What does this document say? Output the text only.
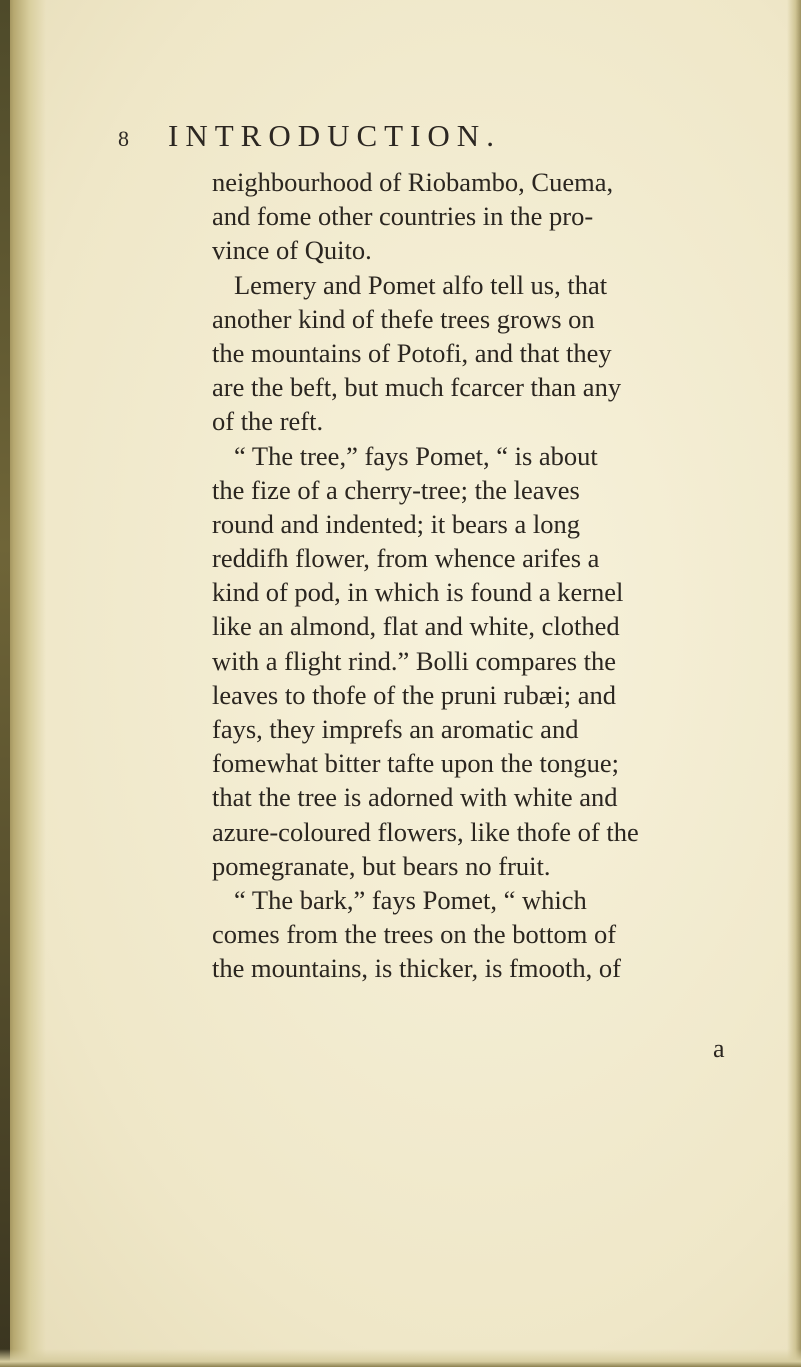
8	INTRODUCTION.
neighbourhood of Riobambo, Cuema,
and fome other countries in the pro-
vince of Quito.
Lemery and Pomet alfo tell us, that
another kind of thefe trees grows on
the mountains of Potofi, and that they
are the beft, but much fcarcer than any
of the reft.
“ The tree,” fays Pomet, “ is about
the fize of a cherry-tree; the leaves
round and indented; it bears a long
reddifh flower, from whence arifes a
kind of pod, in which is found a kernel
like an almond, flat and white, clothed
with a flight rind.” Bolli compares the
leaves to thofe of the pruni rubæi; and
fays, they imprefs an aromatic and
fomewhat bitter tafte upon the tongue;
that the tree is adorned with white and
azure-coloured flowers, like thofe of the
pomegranate, but bears no fruit.
“ The bark,” fays Pomet, “ which
comes from the trees on the bottom of
the mountains, is thicker, is fmooth, of
a
